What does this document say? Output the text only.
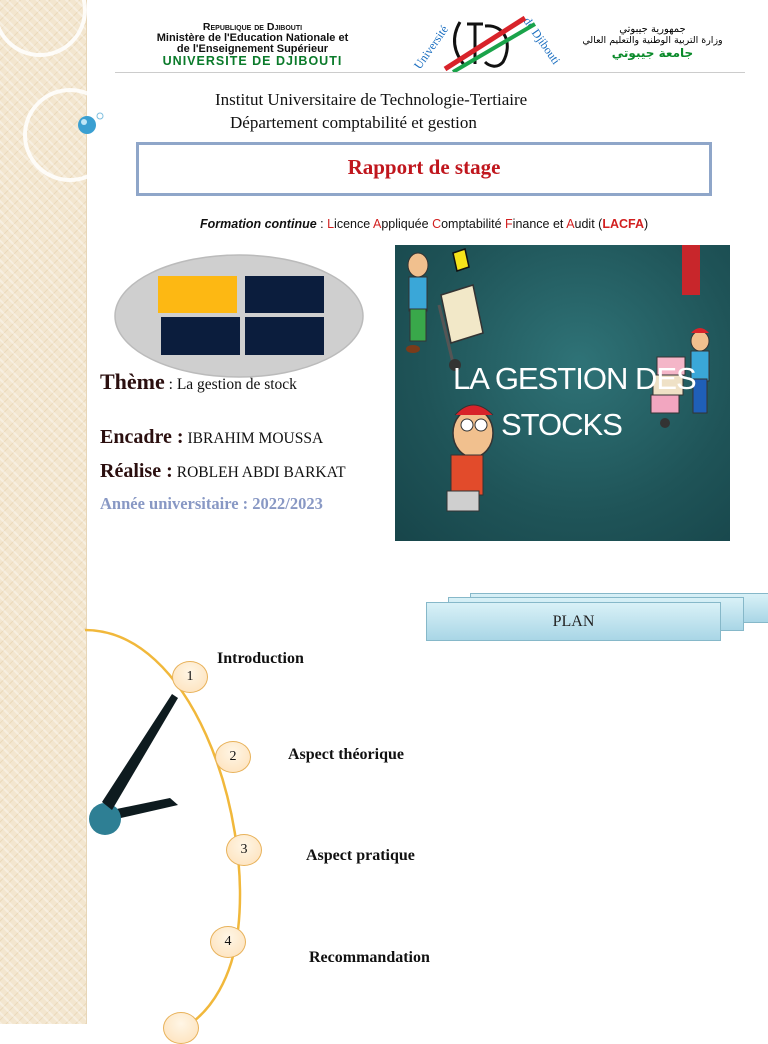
Republique de Djibouti
Ministère de l'Education Nationale et
de l'Enseignement Supérieur
UNIVERSITE DE DJIBOUTI	Université	de Djibouti	جمهورية جيبوتي
وزارة التربية الوطنية والتعليم العالي
جامعة جيبوتي
Institut Universitaire de Technologie-Tertiaire
Département comptabilité et gestion
Rapport de stage
Formation continue : Licence Appliquée Comptabilité Finance et Audit (LACFA)
Thème : La gestion de stock
Encadre : IBRAHIM MOUSSA
Réalise : ROBLEH ABDI BARKAT
Année universitaire : 2022/2023
LA GESTION DES
STOCKS
PLAN
1
Introduction
2	Aspect théorique
3	Aspect pratique
4
Recommandation
